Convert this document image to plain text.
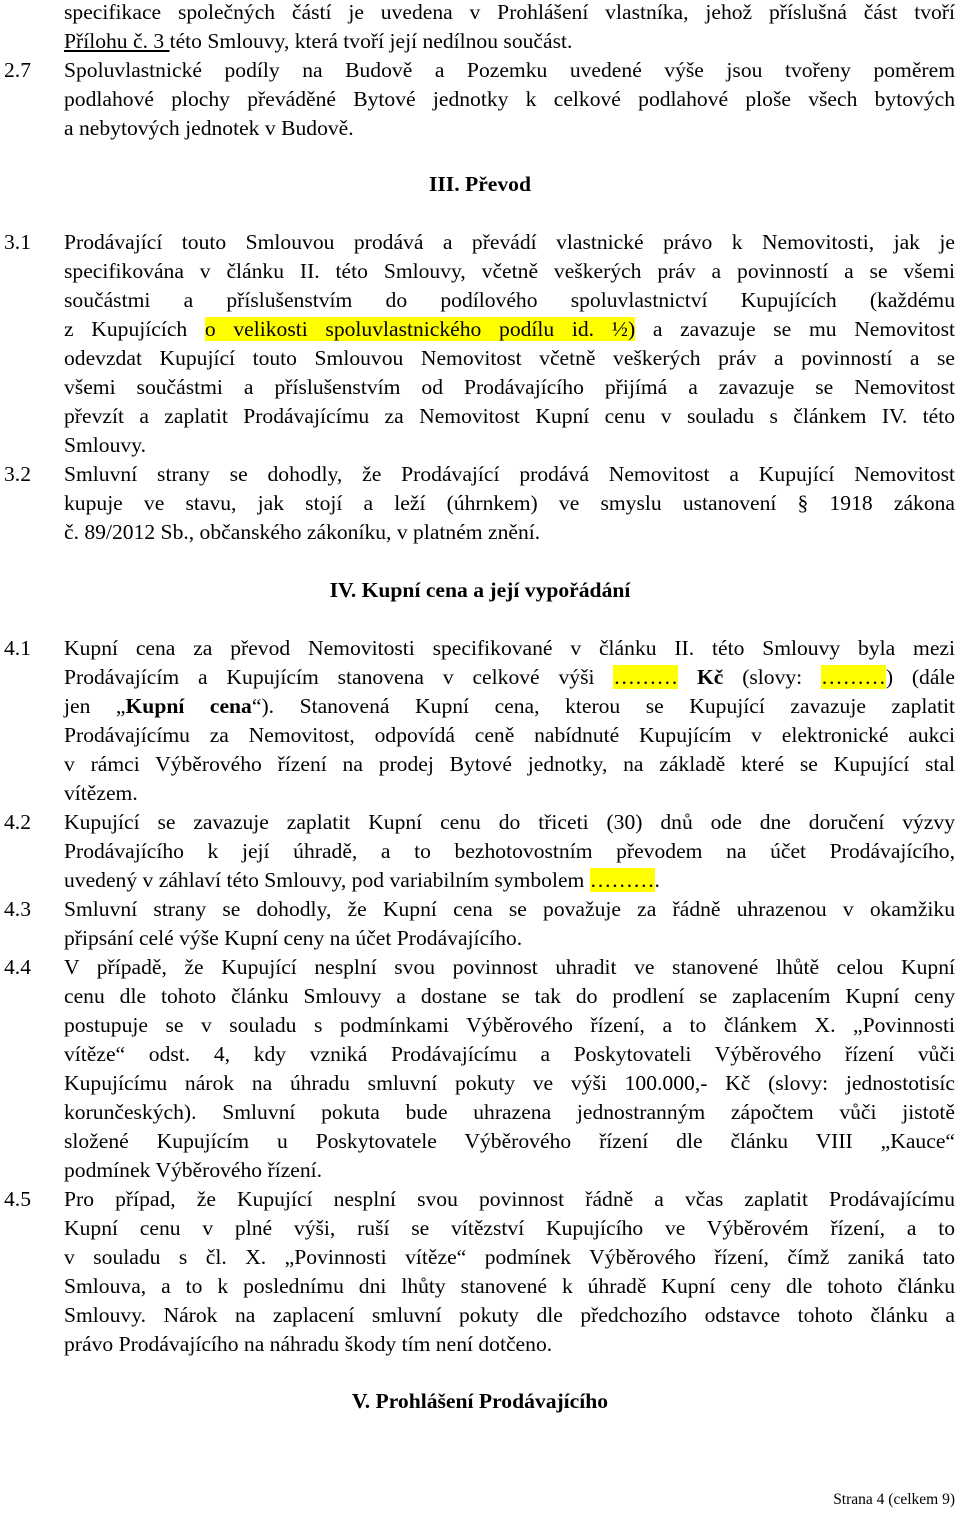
specifikace společných částí je uvedena v Prohlášení vlastníka, jehož příslušná část tvoří
Přílohu č. 3 této Smlouvy, která tvoří její nedílnou součást.
2.7 Spoluvlastnické podíly na Budově a Pozemku uvedené výše jsou tvořeny poměrem
podlahové plochy převáděné Bytové jednotky k celkové podlahové ploše všech bytových
a nebytových jednotek v Budově.
III. Převod
3.1 Prodávající touto Smlouvou prodává a převádí vlastnické právo k Nemovitosti, jak je
specifikována v článku II. této Smlouvy, včetně veškerých práv a povinností a se všemi
součástmi a příslušenstvím do podílového spoluvlastnictví Kupujících (každému
z Kupujících o velikosti spoluvlastnického podílu id. ½) a zavazuje se mu Nemovitost
odevzdat Kupující touto Smlouvou Nemovitost včetně veškerých práv a povinností a se
všemi součástmi a příslušenstvím od Prodávajícího přijímá a zavazuje se Nemovitost
převzít a zaplatit Prodávajícímu za Nemovitost Kupní cenu v souladu s článkem IV. této
Smlouvy.
3.2 Smluvní strany se dohodly, že Prodávající prodává Nemovitost a Kupující Nemovitost
kupuje ve stavu, jak stojí a leží (úhrnkem) ve smyslu ustanovení § 1918 zákona
č. 89/2012 Sb., občanského zákoníku, v platném znění.
IV. Kupní cena a její vypořádání
4.1 Kupní cena za převod Nemovitosti specifikované v článku II. této Smlouvy byla mezi
Prodávajícím a Kupujícím stanovena v celkové výši ……… Kč (slovy: ………) (dále
jen „Kupní cena“). Stanovená Kupní cena, kterou se Kupující zavazuje zaplatit
Prodávajícímu za Nemovitost, odpovídá ceně nabídnuté Kupujícím v elektronické aukci
v rámci Výběrového řízení na prodej Bytové jednotky, na základě které se Kupující stal
vítězem.
4.2 Kupující se zavazuje zaplatit Kupní cenu do třiceti (30) dnů ode dne doručení výzvy
Prodávajícího k její úhradě, a to bezhotovostním převodem na účet Prodávajícího,
uvedený v záhlaví této Smlouvy, pod variabilním symbolem ……….
4.3 Smluvní strany se dohodly, že Kupní cena se považuje za řádně uhrazenou v okamžiku
připsání celé výše Kupní ceny na účet Prodávajícího.
4.4 V případě, že Kupující nesplní svou povinnost uhradit ve stanovené lhůtě celou Kupní
cenu dle tohoto článku Smlouvy a dostane se tak do prodlení se zaplacením Kupní ceny
postupuje se v souladu s podmínkami Výběrového řízení, a to článkem X. „Povinnosti
vítěze“ odst. 4, kdy vzniká Prodávajícímu a Poskytovateli Výběrového řízení vůči
Kupujícímu nárok na úhradu smluvní pokuty ve výši 100.000,- Kč (slovy: jednostotisíc
korunčeských). Smluvní pokuta bude uhrazena jednostranným zápočtem vůči jistotě
složené Kupujícím u Poskytovatele Výběrového řízení dle článku VIII „Kauce“
podmínek Výběrového řízení.
4.5 Pro případ, že Kupující nesplní svou povinnost řádně a včas zaplatit Prodávajícímu
Kupní cenu v plné výši, ruší se vítězství Kupujícího ve Výběrovém řízení, a to
v souladu s čl. X. „Povinnosti vítěze“ podmínek Výběrového řízení, čímž zaniká tato
Smlouva, a to k poslednímu dni lhůty stanovené k úhradě Kupní ceny dle tohoto článku
Smlouvy. Nárok na zaplacení smluvní pokuty dle předchozího odstavce tohoto článku a
právo Prodávajícího na náhradu škody tím není dotčeno.
V. Prohlášení Prodávajícího
Strana 4 (celkem 9)
